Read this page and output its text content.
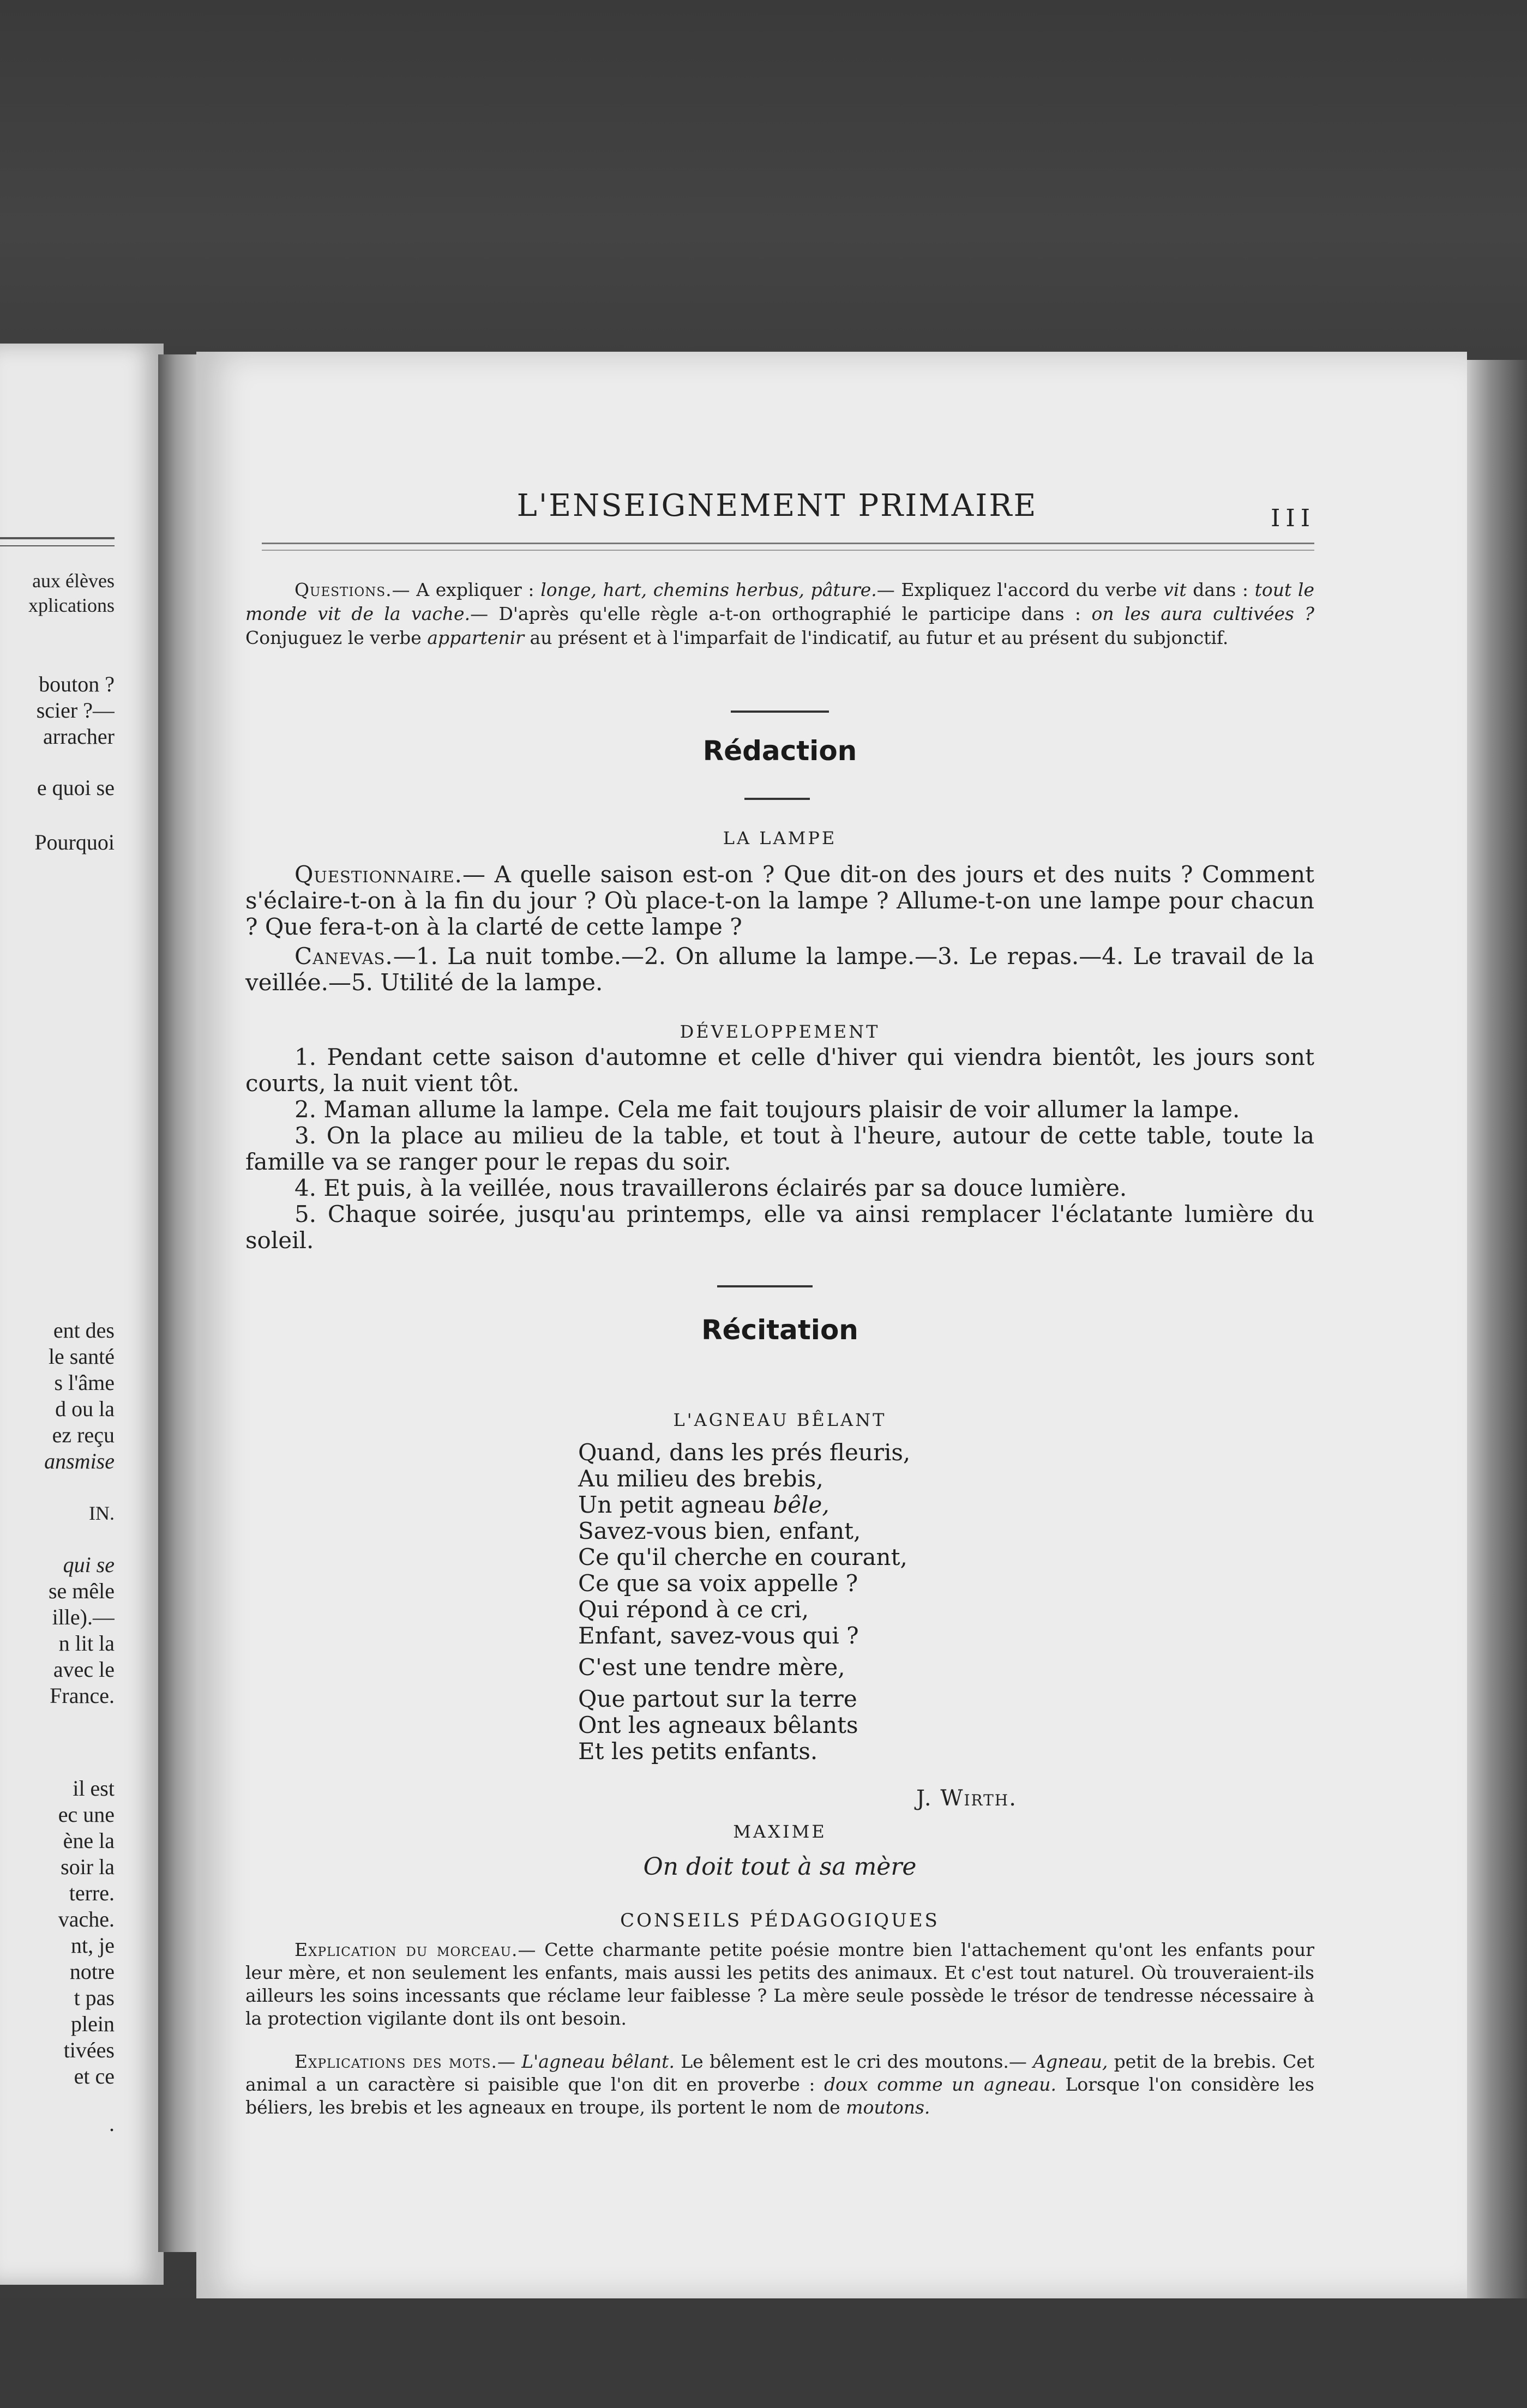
aux élèves
xplications
bouton ?
scier ?—
arracher
e quoi se
Pourquoi
ent des
le santé
s l'âme
d ou la
ez reçu
ansmise
IN.
qui se
se mêle
ille).—
n lit la
avec le
France.
il est
ec une
ène la
soir la
terre.
vache.
nt, je
notre
t pas
plein
tivées
et ce
.
L'ENSEIGNEMENT PRIMAIRE	III
Questions.— A expliquer : longe, hart, chemins herbus, pâture.— Expliquez l'accord du verbe vit dans : tout le monde vit de la vache.— D'après qu'elle règle a-t-on orthographié le participe dans : on les aura cultivées ? Conjuguez le verbe appartenir au présent et à l'imparfait de l'indicatif, au futur et au présent du subjonctif.
Rédaction
LA LAMPE
Questionnaire.— A quelle saison est-on ? Que dit-on des jours et des nuits ? Comment s'éclaire-t-on à la fin du jour ? Où place-t-on la lampe ? Allume-t-on une lampe pour chacun ? Que fera-t-on à la clarté de cette lampe ?
Canevas.—1. La nuit tombe.—2. On allume la lampe.—3. Le repas.—4. Le travail de la veillée.—5. Utilité de la lampe.
DÉVELOPPEMENT
1. Pendant cette saison d'automne et celle d'hiver qui viendra bientôt, les jours sont courts, la nuit vient tôt.
2. Maman allume la lampe. Cela me fait toujours plaisir de voir allumer la lampe.
3. On la place au milieu de la table, et tout à l'heure, autour de cette table, toute la famille va se ranger pour le repas du soir.
4. Et puis, à la veillée, nous travaillerons éclairés par sa douce lumière.
5. Chaque soirée, jusqu'au printemps, elle va ainsi remplacer l'éclatante lumière du soleil.
Récitation
L'AGNEAU BÊLANT
Quand, dans les prés fleuris,
Au milieu des brebis,
Un petit agneau bêle,
Savez-vous bien, enfant,
Ce qu'il cherche en courant,
Ce que sa voix appelle ?
Qui répond à ce cri,
Enfant, savez-vous qui ?
C'est une tendre mère,
Que partout sur la terre
Ont les agneaux bêlants
Et les petits enfants.
J. Wirth.
MAXIME
On doit tout à sa mère
CONSEILS PÉDAGOGIQUES
Explication du morceau.— Cette charmante petite poésie montre bien l'attachement qu'ont les enfants pour leur mère, et non seulement les enfants, mais aussi les petits des animaux. Et c'est tout naturel. Où trouveraient-ils ailleurs les soins incessants que réclame leur faiblesse ? La mère seule possède le trésor de tendresse nécessaire à la protection vigilante dont ils ont besoin.
Explications des mots.— L'agneau bêlant. Le bêlement est le cri des moutons.— Agneau, petit de la brebis. Cet animal a un caractère si paisible que l'on dit en proverbe : doux comme un agneau. Lorsque l'on considère les béliers, les brebis et les agneaux en troupe, ils portent le nom de moutons.
